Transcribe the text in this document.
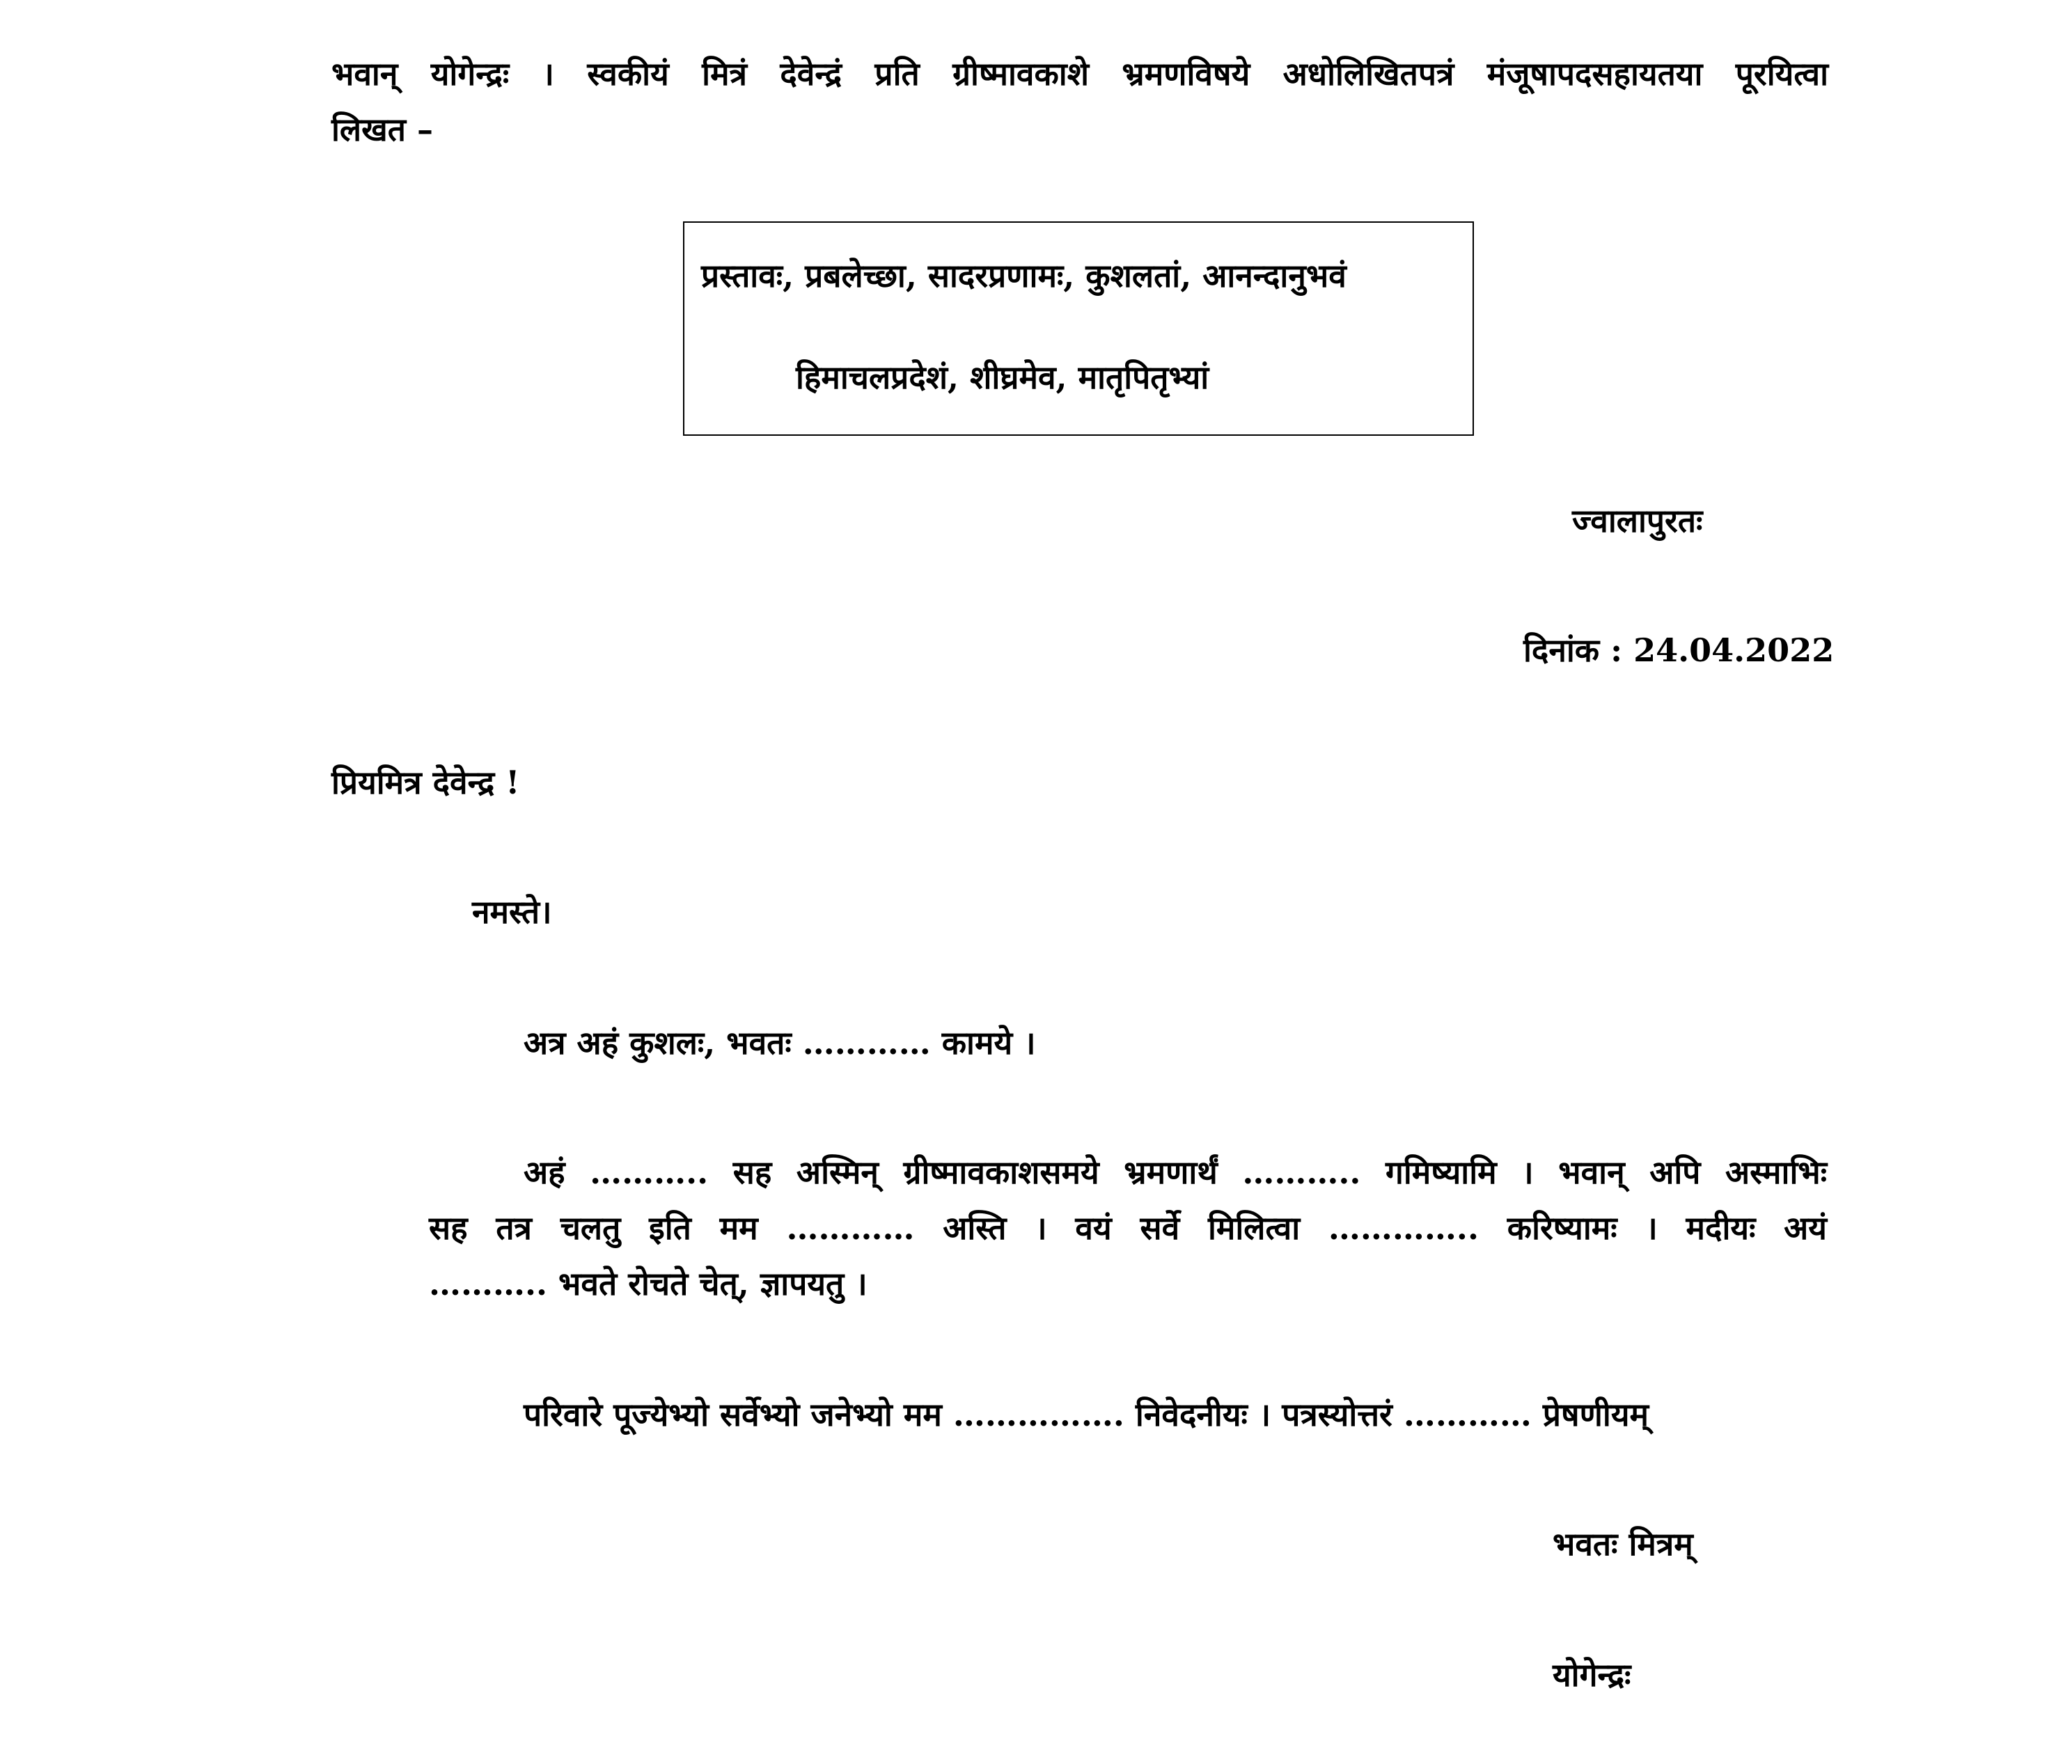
भवान् योगेन्द्रः । स्वकीयं मित्रं देवेन्द्रं प्रति ग्रीष्मावकाशे भ्रमणविषये अधोलिखितपत्रं मंजूषापदसहायतया पूरयित्वा
लिखत –
प्रस्तावः, प्रबलेच्छा, सादरप्रणामः, कुशलतां, आनन्दानुभवं
हिमाचलप्रदेशं, शीघ्रमेव, मातृपितृभ्यां

ज्वालापुरतः

दिनांक : 24.04.2022

प्रियमित्र देवेन्द्र !

नमस्ते।

अत्र अहं कुशलः, भवतः ………… कामये ।

अहं ……….. सह अस्मिन् ग्रीष्मावकाशसमये भ्रमणार्थं ……….. गमिष्यामि । भवान् अपि अस्माभिः
सह तत्र चलतु इति मम ………… अस्ति । वयं सर्वे मिलित्वा ………….. करिष्यामः । मदीयः अयं
……….. भवते रोचते चेत्, ज्ञापयतु ।

परिवारे पूज्येभ्यो सर्वेभ्यो जनेभ्यो मम ……………. निवेदनीयः । पत्रस्योत्तरं ………… प्रेषणीयम्

भवतः मित्रम्

योगेन्द्रः
